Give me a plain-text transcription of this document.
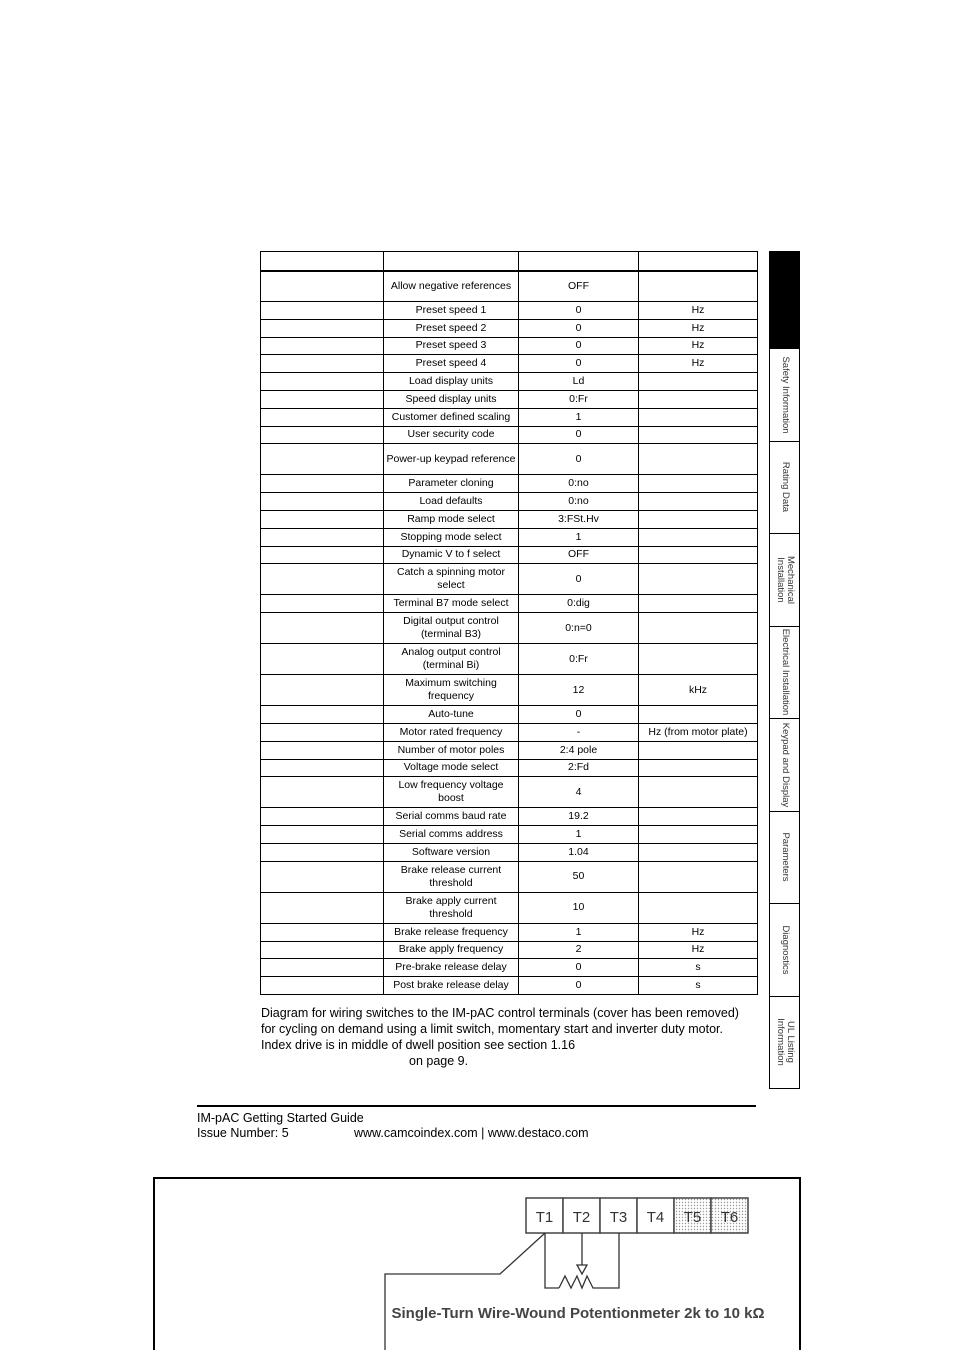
	Allow negative references	OFF	
	Preset speed 1	0	Hz
	Preset speed 2	0	Hz
	Preset speed 3	0	Hz
	Preset speed 4	0	Hz
	Load display units	Ld	
	Speed display units	0:Fr	
	Customer defined scaling	1	
	User security code	0	
	Power-up keypad reference	0	
	Parameter cloning	0:no	
	Load defaults	0:no	
	Ramp mode select	3:FSt.Hv	
	Stopping mode select	1	
	Dynamic V to f select	OFF	
	Catch a spinning motor select	0	
	Terminal B7 mode select	0:dig	
	Digital output control (terminal B3)	0:n=0	
	Analog output control (terminal Bi)	0:Fr	
	Maximum switching frequency	12	kHz
	Auto-tune	0	
	Motor rated frequency	-	Hz (from motor plate)
	Number of motor poles	2:4 pole	
	Voltage mode select	2:Fd	
	Low frequency voltage boost	4	
	Serial comms baud rate	19.2	
	Serial comms address	1	
	Software version	1.04	
	Brake release current threshold	50	
	Brake apply current threshold	10	
	Brake release frequency	1	Hz
	Brake apply frequency	2	Hz
	Pre-brake release delay	0	s
	Post brake release delay	0	s
Safety Information
Rating Data
Mechanical
Installation
Electrical Installation
Keypad and Display
Parameters
Diagnostics
UL Listing
Information
Diagram for wiring switches to the IM-pAC control terminals (cover has been removed)
for cycling on demand using a limit switch, momentary start and inverter duty motor.
Index drive is in middle of dwell position see section 1.16
on page 9.
IM-pAC Getting Started Guide
Issue Number: 5	www.camcoindex.com | www.destaco.com
T1 T2 T3 T4 T5 T6
Single-Turn Wire-Wound Potentionmeter 2k to 10 kΩ
